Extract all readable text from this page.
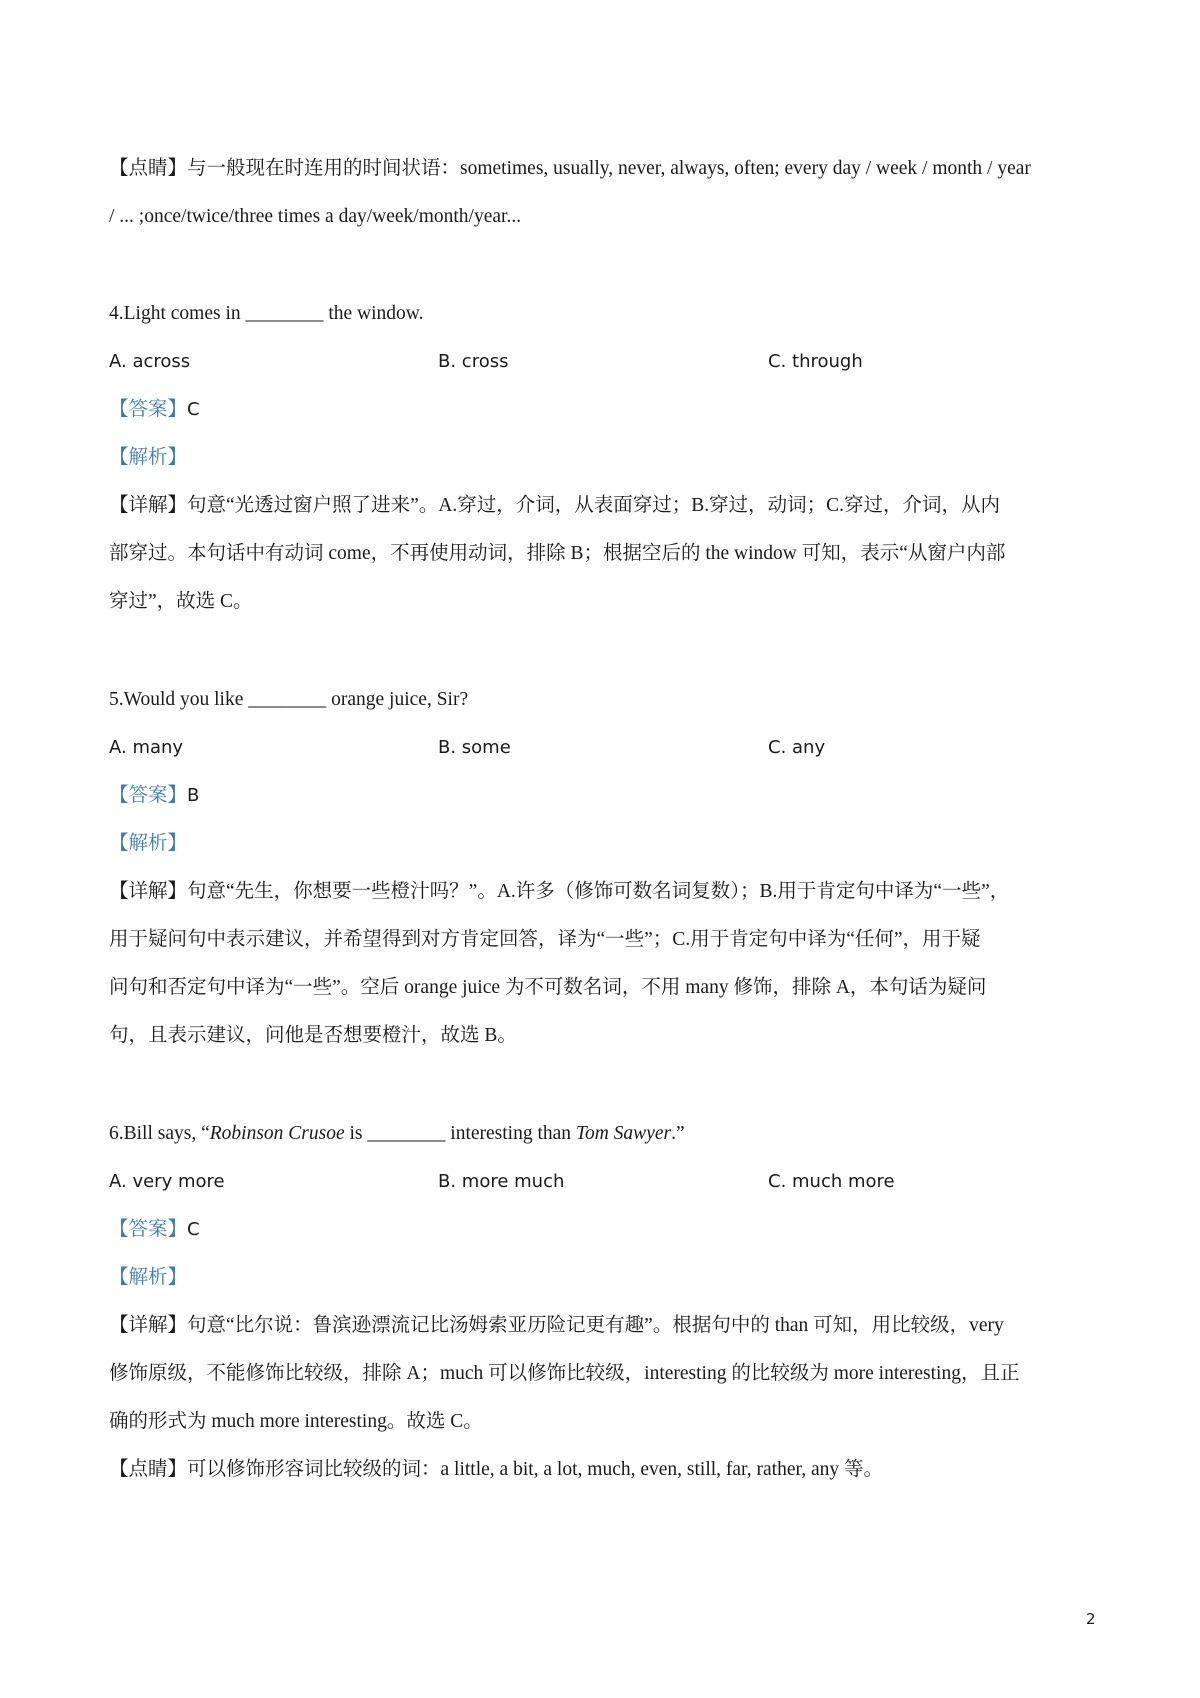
【点睛】与一般现在时连用的时间状语：sometimes, usually, never, always, often; every day / week / month / year
/ ... ;once/twice/three times a day/week/month/year...
4.Light comes in ________ the window.
A. across	B. cross	C. through
【答案】C
【解析】
【详解】句意“光透过窗户照了进来”。A.穿过，介词，从表面穿过；B.穿过，动词；C.穿过，介词，从内
部穿过。本句话中有动词 come，不再使用动词，排除 B；根据空后的 the window 可知，表示“从窗户内部
穿过”，故选 C。
5.Would you like ________ orange juice, Sir?
A. many	B. some	C. any
【答案】B
【解析】
【详解】句意“先生，你想要一些橙汁吗？”。A.许多（修饰可数名词复数）；B.用于肯定句中译为“一些”，
用于疑问句中表示建议，并希望得到对方肯定回答，译为“一些”；C.用于肯定句中译为“任何”，用于疑
问句和否定句中译为“一些”。空后 orange juice 为不可数名词，不用 many 修饰，排除 A，本句话为疑问
句，且表示建议，问他是否想要橙汁，故选 B。
6.Bill says, “Robinson Crusoe is ________ interesting than Tom Sawyer.”
A. very more	B. more much	C. much more
【答案】C
【解析】
【详解】句意“比尔说：鲁滨逊漂流记比汤姆索亚历险记更有趣”。根据句中的 than 可知，用比较级，very
修饰原级，不能修饰比较级，排除 A；much 可以修饰比较级，interesting 的比较级为 more interesting，且正
确的形式为 much more interesting。故选 C。
【点睛】可以修饰形容词比较级的词：a little, a bit, a lot, much, even, still, far, rather, any 等。
2
